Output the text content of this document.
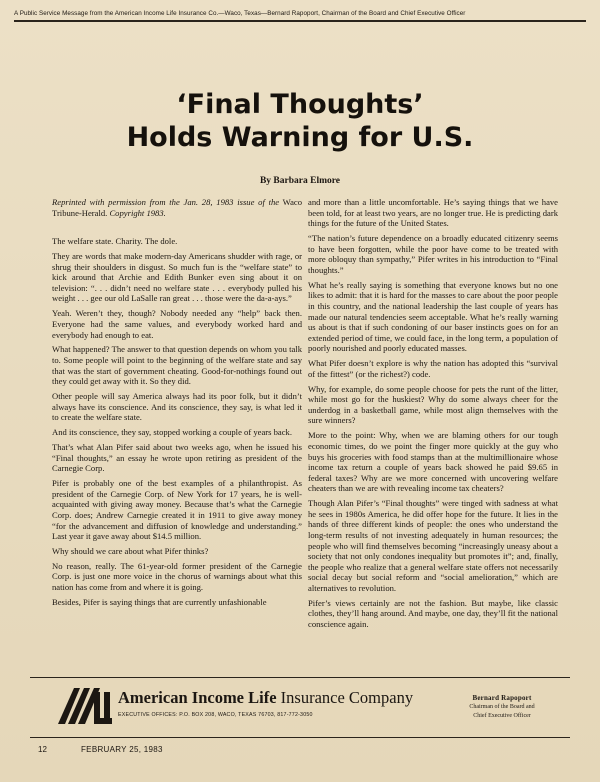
A Public Service Message from the American Income Life Insurance Co.—Waco, Texas—Bernard Rapoport, Chairman of the Board and Chief Executive Officer
‘Final Thoughts’
Holds Warning for U.S.
By Barbara Elmore

Reprinted with permission from the Jan. 28, 1983 issue of the Waco Tribune-Herald. Copyright 1983.

The welfare state. Charity. The dole.

They are words that make modern-day Americans shudder with rage, or shrug their shoulders in disgust. So much fun is the “welfare state” to kick around that Archie and Edith Bunker even sing about it on television: “. . . didn’t need no welfare state . . . everybody pulled his weight . . . gee our old LaSalle ran great . . . those were the da-a-ays.”

Yeah. Weren’t they, though? Nobody needed any “help” back then. Everyone had the same values, and everybody worked hard and everybody had enough to eat.

What happened? The answer to that question depends on whom you talk to. Some people will point to the beginning of the welfare state and say that was the start of government cheating. Good-for-nothings found out they could get away with it. So they did.

Other people will say America always had its poor folk, but it didn’t always have its conscience. And its conscience, they say, is what led it to create the welfare state.

And its conscience, they say, stopped working a couple of years back.

That’s what Alan Pifer said about two weeks ago, when he issued his “Final thoughts,” an essay he wrote upon retiring as president of the Carnegie Corp.

Pifer is probably one of the best examples of a philanthropist. As president of the Carnegie Corp. of New York for 17 years, he is well-acquainted with giving away money. Because that’s what the Carnegie Corp. does; Andrew Carnegie created it in 1911 to give away money “for the advancement and diffusion of knowledge and understanding.” Last year it gave away about $14.5 million.

Why should we care about what Pifer thinks?

No reason, really. The 61-year-old former president of the Carnegie Corp. is just one more voice in the chorus of warnings about what this nation has come from and where it is going.

Besides, Pifer is saying things that are currently unfashionable

and more than a little uncomfortable. He’s saying things that we have been told, for at least two years, are no longer true. He is predicting dark things for the future of the United States.

“The nation’s future dependence on a broadly educated citizenry seems to have been forgotten, while the poor have come to be treated with more obloquy than sympathy,” Pifer writes in his introduction to “Final thoughts.”

What he’s really saying is something that everyone knows but no one likes to admit: that it is hard for the masses to care about the poor people in this country, and the national leadership the last couple of years has made our natural tendencies seem acceptable. What he’s really warning us about is that if such condoning of our baser instincts goes on for an extended period of time, we could face, in the long term, a population of poorly nourished and poorly educated masses.

What Pifer doesn’t explore is why the nation has adopted this “survival of the fittest” (or the richest?) code.

Why, for example, do some people choose for pets the runt of the litter, while most go for the huskiest? Why do some always cheer for the underdog in a basketball game, while most align themselves with the sure winners?

More to the point: Why, when we are blaming others for our tough economic times, do we point the finger more quickly at the guy who buys his groceries with food stamps than at the multimillionaire whose income tax return a couple of years back showed he paid $9.65 in federal taxes? Why are we more concerned with uncovering welfare cheaters than we are with revealing income tax cheaters?

Though Alan Pifer’s “Final thoughts” were tinged with sadness at what he sees in 1980s America, he did offer hope for the future. It lies in the hands of three different kinds of people: the ones who understand the long-term results of not investing adequately in human resources; the people who will find themselves becoming “increasingly uneasy about a society that not only condones inequality but promotes it”; and, finally, the people who realize that a general welfare state offers not necessarily social decay but social reform and “social amelioration,” which are alternatives to revolution.

Pifer’s views certainly are not the fashion. But maybe, like classic clothes, they’ll hang around. And maybe, one day, they’ll fit the national conscience again.

American Income Life Insurance Company
EXECUTIVE OFFICES: P.O. BOX 208, WACO, TEXAS 76703, 817-772-3050
Bernard Rapoport
Chairman of the Board and
Chief Executive Officer
12	FEBRUARY 25, 1983
